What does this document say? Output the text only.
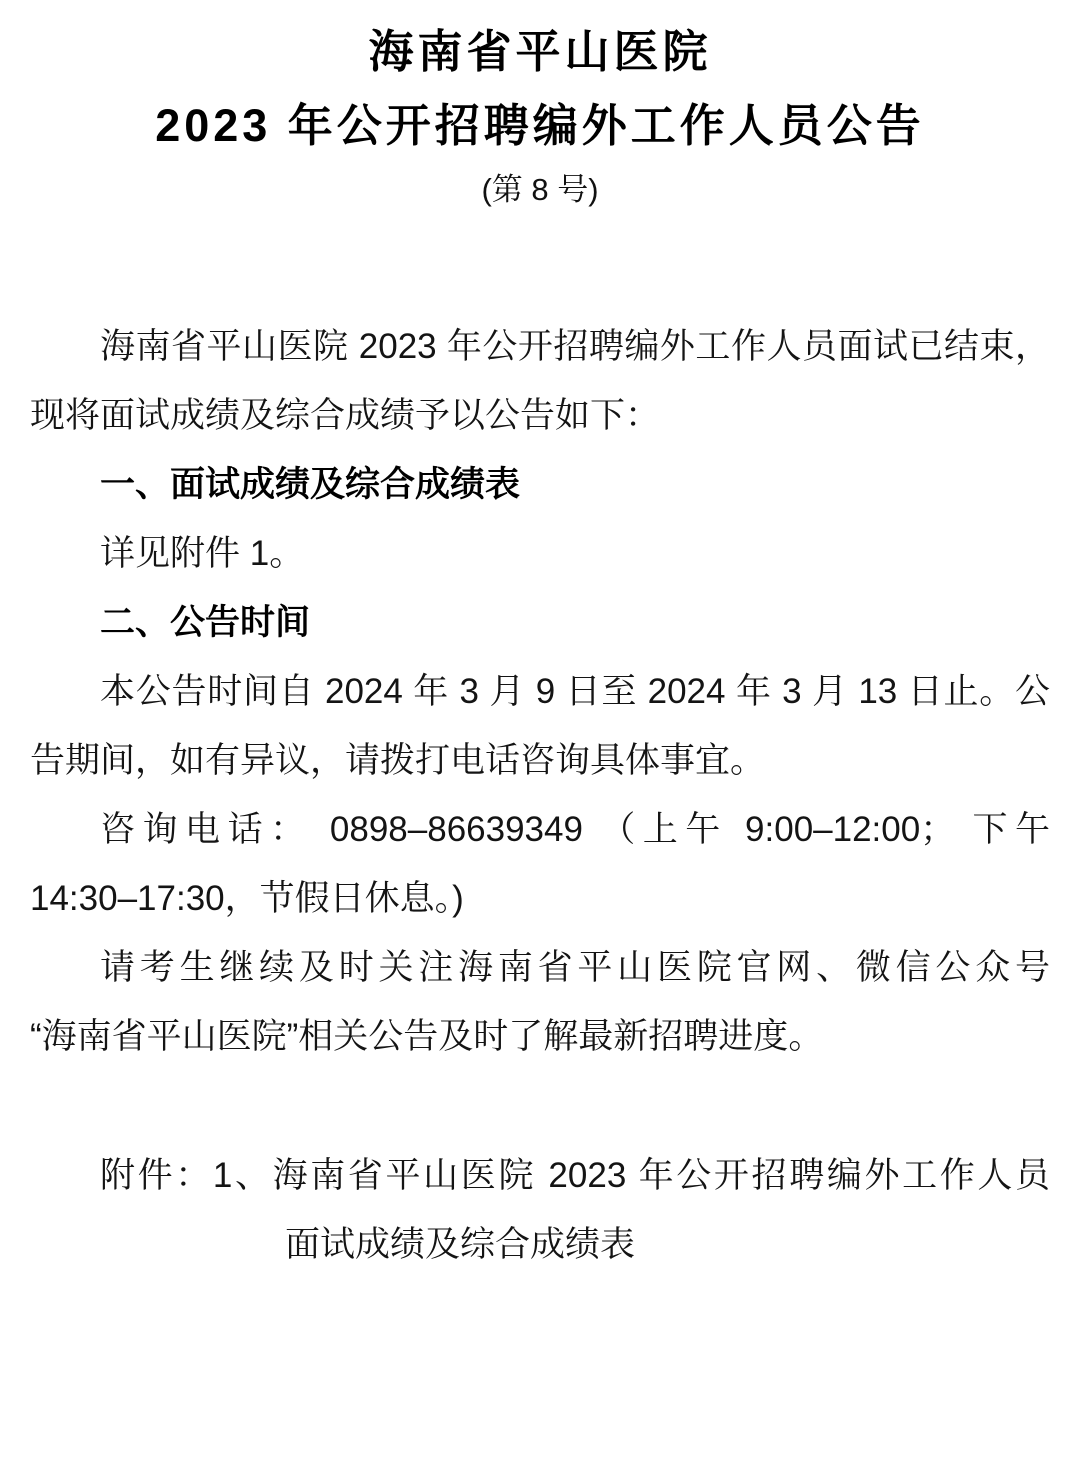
海南省平山医院
2023 年公开招聘编外工作人员公告
(第 8 号)
海南省平山医院 2023 年公开招聘编外工作人员面试已结束，
现将面试成绩及综合成绩予以公告如下：
一、面试成绩及综合成绩表
详见附件 1。
二、公告时间
本公告时间自 2024 年 3 月 9 日至 2024 年 3 月 13 日止。公
告期间，如有异议，请拨打电话咨询具体事宜。
咨询电话： 0898–86639349 （上午 9:00–12:00； 下午
14:30–17:30，节假日休息。)
请考生继续及时关注海南省平山医院官网、微信公众号
“海南省平山医院”相关公告及时了解最新招聘进度。
附件：1、海南省平山医院 2023 年公开招聘编外工作人员
面试成绩及综合成绩表
